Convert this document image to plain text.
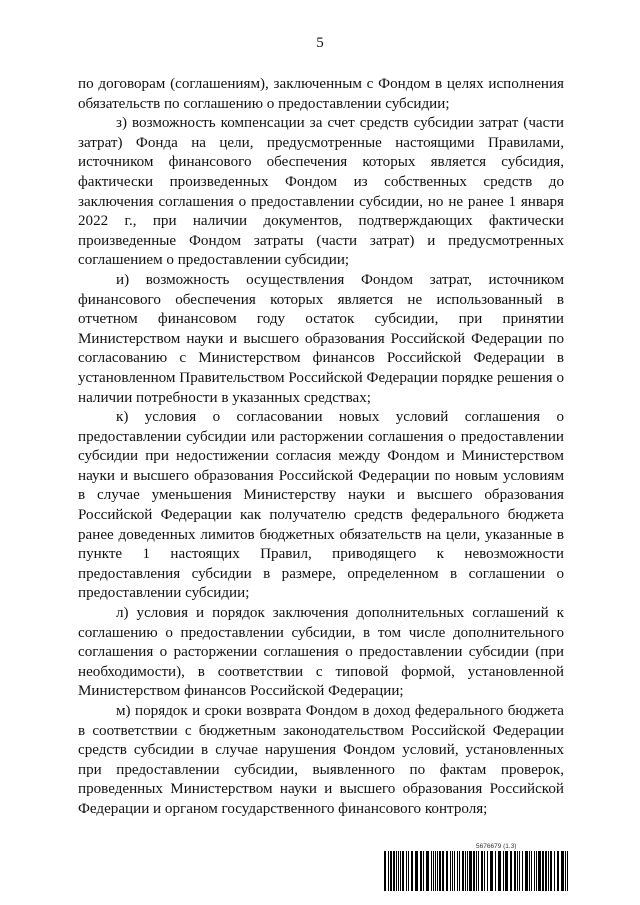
5

по договорам (соглашениям), заключенным с Фондом в целях исполнения обязательств по соглашению о предоставлении субсидии;

з) возможность компенсации за счет средств субсидии затрат (части затрат) Фонда на цели, предусмотренные настоящими Правилами, источником финансового обеспечения которых является субсидия, фактически произведенных Фондом из собственных средств до заключения соглашения о предоставлении субсидии, но не ранее 1 января 2022 г., при наличии документов, подтверждающих фактически произведенные Фондом затраты (части затрат) и предусмотренных соглашением о предоставлении субсидии;

и) возможность осуществления Фондом затрат, источником финансового обеспечения которых является не использованный в отчетном финансовом году остаток субсидии, при принятии Министерством науки и высшего образования Российской Федерации по согласованию с Министерством финансов Российской Федерации в установленном Правительством Российской Федерации порядке решения о наличии потребности в указанных средствах;

к) условия о согласовании новых условий соглашения о предоставлении субсидии или расторжении соглашения о предоставлении субсидии при недостижении согласия между Фондом и Министерством науки и высшего образования Российской Федерации по новым условиям в случае уменьшения Министерству науки и высшего образования Российской Федерации как получателю средств федерального бюджета ранее доведенных лимитов бюджетных обязательств на цели, указанные в пункте 1 настоящих Правил, приводящего к невозможности предоставления субсидии в размере, определенном в соглашении о предоставлении субсидии;

л) условия и порядок заключения дополнительных соглашений к соглашению о предоставлении субсидии, в том числе дополнительного соглашения о расторжении соглашения о предоставлении субсидии (при необходимости), в соответствии с типовой формой, установленной Министерством финансов Российской Федерации;

м) порядок и сроки возврата Фондом в доход федерального бюджета в соответствии с бюджетным законодательством Российской Федерации средств субсидии в случае нарушения Фондом условий, установленных при предоставлении субсидии, выявленного по фактам проверок, проведенных Министерством науки и высшего образования Российской Федерации и органом государственного финансового контроля;

5676679 (1.3)
